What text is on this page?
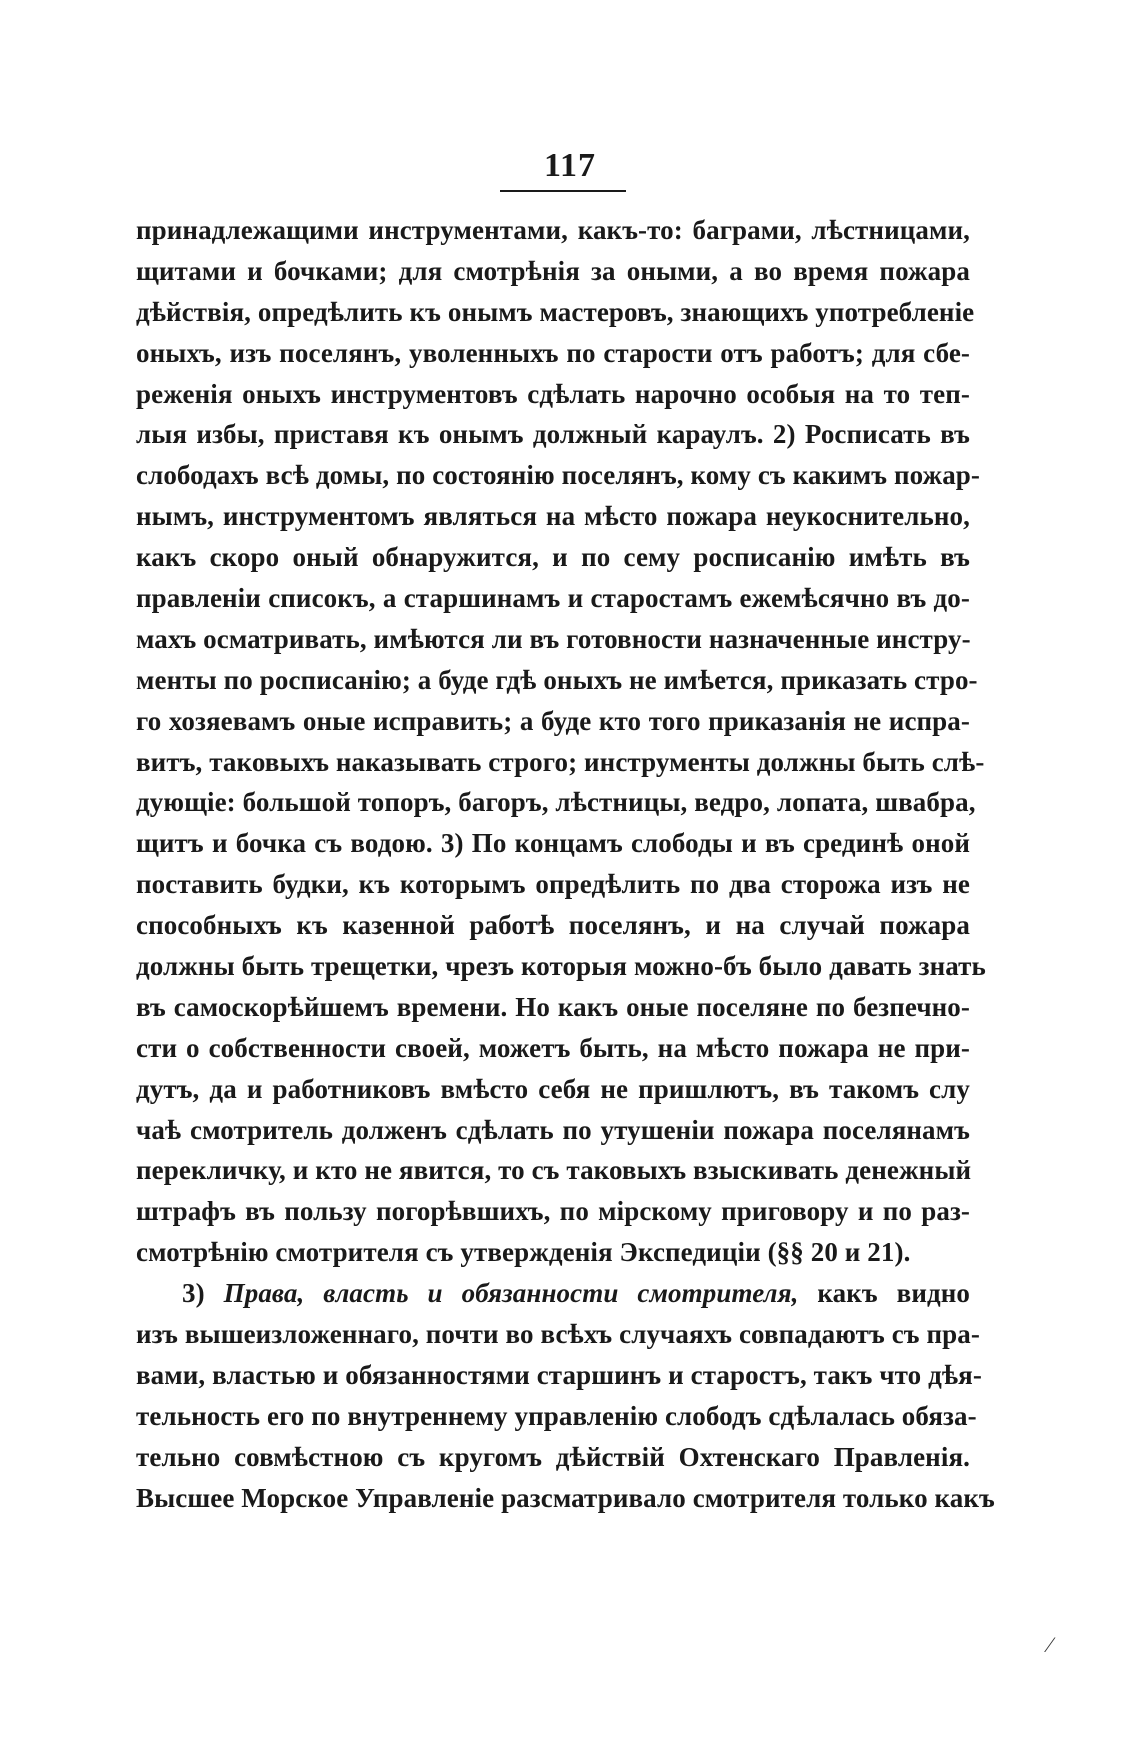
117
принадлежащими инструментами, какъ-то: баграми, лѣстницами,
щитами и бочками; для смотрѣнія за оными, а во время пожара
дѣйствія, опредѣлить къ онымъ мастеровъ, знающихъ употребленіе
оныхъ, изъ поселянъ, уволенныхъ по старости отъ работъ; для сбе-
реженія оныхъ инструментовъ сдѣлать нарочно особыя на то теп-
лыя избы, приставя къ онымъ должный караулъ. 2) Росписать въ
слободахъ всѣ домы, по состоянію поселянъ, кому съ какимъ пожар-
нымъ, инструментомъ являться на мѣсто пожара неукоснительно,
какъ скоро оный обнаружится, и по сему росписанію имѣть въ
правленіи списокъ, а старшинамъ и старостамъ ежемѣсячно въ до-
махъ осматривать, имѣются ли въ готовности назначенные инстру-
менты по росписанію; а буде гдѣ оныхъ не имѣется, приказать стро-
го хозяевамъ оные исправить; а буде кто того приказанія не испра-
витъ, таковыхъ наказывать строго; инструменты должны быть слѣ-
дующіе: большой топоръ, багоръ, лѣстницы, ведро, лопата, швабра,
щитъ и бочка съ водою. 3) По концамъ слободы и въ срединѣ оной
поставить будки, къ которымъ опредѣлить по два сторожа изъ не
способныхъ къ казенной работѣ поселянъ, и на случай пожара
должны быть трещетки, чрезъ которыя можно-бъ было давать знать
въ самоскорѣйшемъ времени. Но какъ оные поселяне по безпечно-
сти о собственности своей, можетъ быть, на мѣсто пожара не при-
дутъ, да и работниковъ вмѣсто себя не пришлютъ, въ такомъ слу
чаѣ смотритель долженъ сдѣлать по утушеніи пожара поселянамъ
перекличку, и кто не явится, то съ таковыхъ взыскивать денежный
штрафъ въ пользу погорѣвшихъ, по мірскому приговору и по раз-
смотрѣнію смотрителя съ утвержденія Экспедиціи (§§ 20 и 21).
3) Права, власть и обязанности смотрителя, какъ видно
изъ вышеизложеннаго, почти во всѣхъ случаяхъ совпадаютъ съ пра-
вами, властью и обязанностями старшинъ и старостъ, такъ что дѣя-
тельность его по внутреннему управленію слободъ сдѣлалась обяза-
тельно совмѣстною съ кругомъ дѣйствій Охтенскаго Правленія.
Высшее Морское Управленіе разсматривало смотрителя только какъ
⁄
